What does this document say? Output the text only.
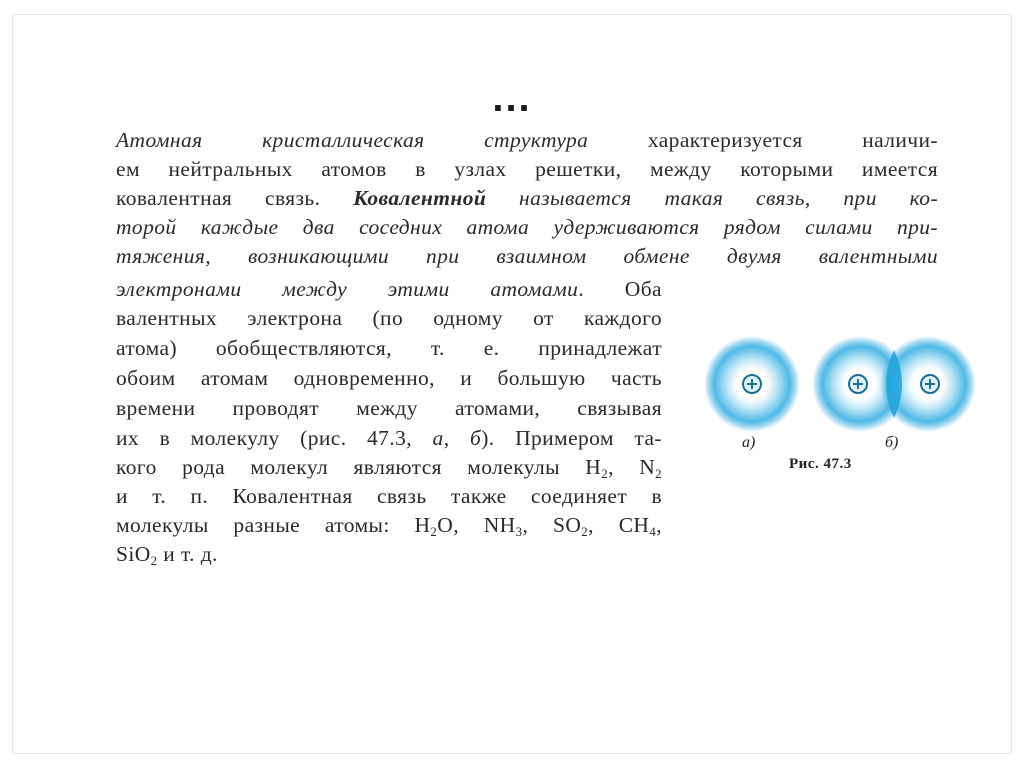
...
Атомная кристаллическая структура характеризуется наличи-
ем нейтральных атомов в узлах решетки, между которыми имеется
ковалентная связь. Ковалентной называется такая связь, при ко-
торой каждые два соседних атома удерживаются рядом силами при-
тяжения, возникающими при взаимном обмене двумя валентными
электронами между этими атомами. Оба
валентных электрона (по одному от каждого
атома) обобществляются, т. е. принадлежат
обоим атомам одновременно, и большую часть
времени проводят между атомами, связывая
их в молекулу (рис. 47.3, а, б). Примером та-
кого рода молекул являются молекулы $H_2$, $N_2$
и т. п. Ковалентная связь также соединяет в
молекулы разные атомы: $H_2O$, $NH_3$, $SO_2$, $CH_4$,
SiO$_2$ и т. д.
а)	б)
Рис. 47.3
